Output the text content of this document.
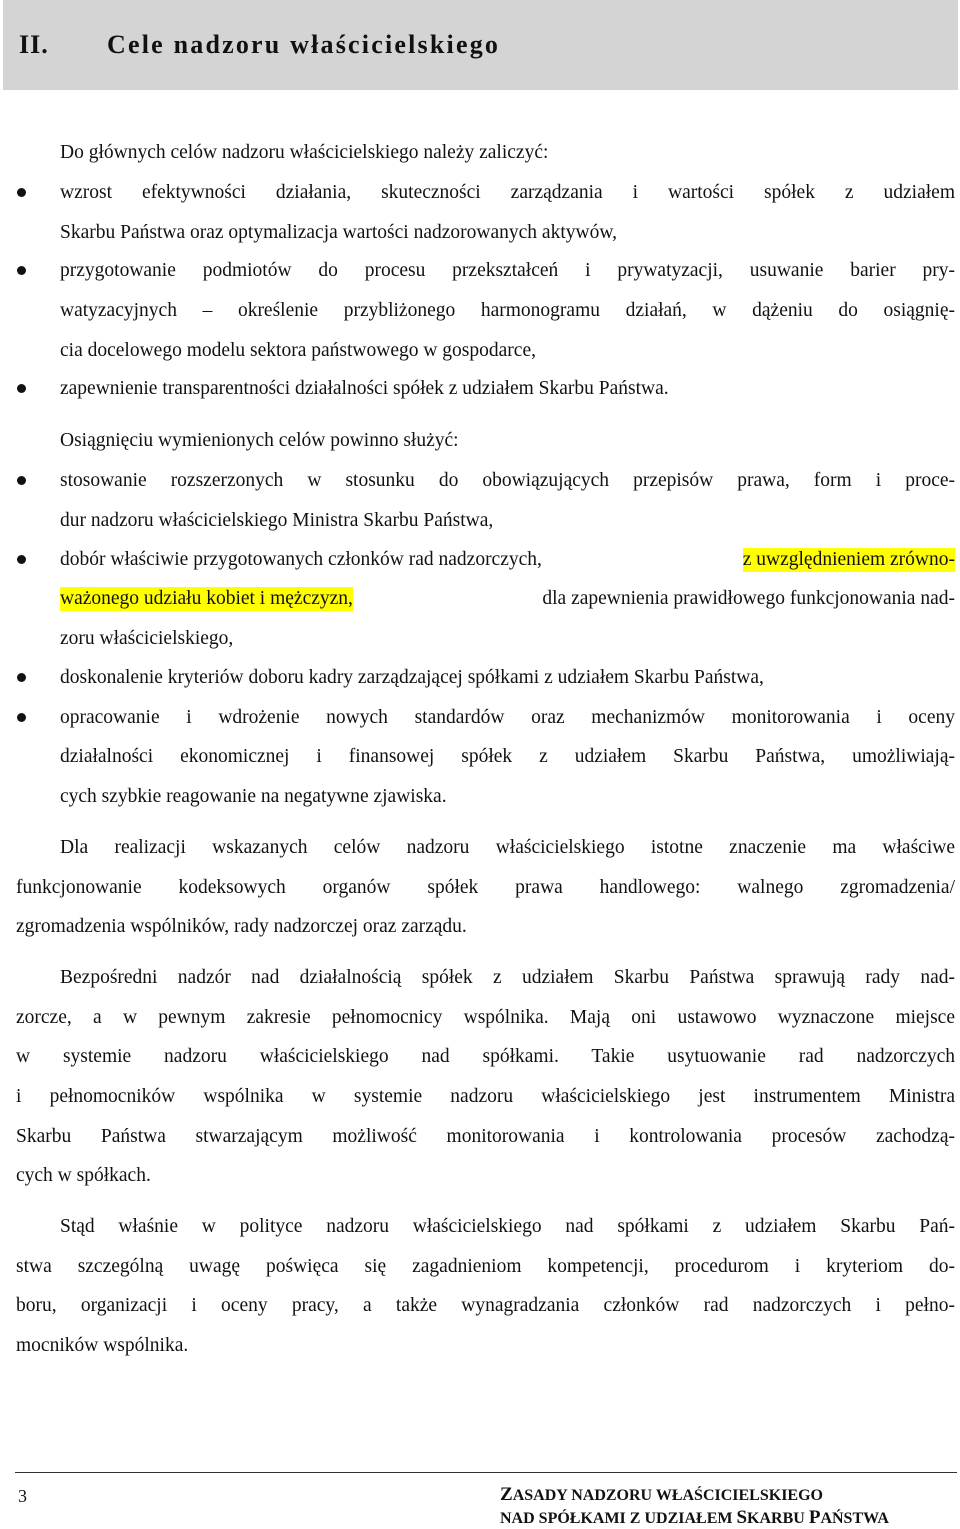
II. Cele nadzoru właścicielskiego
Do głównych celów nadzoru właścicielskiego należy zaliczyć:
wzrost efektywności działania, skuteczności zarządzania i wartości spółek z udziałem
Skarbu Państwa oraz optymalizacja wartości nadzorowanych aktywów,
przygotowanie podmiotów do procesu przekształceń i prywatyzacji, usuwanie barier pry-
watyzacyjnych – określenie przybliżonego harmonogramu działań, w dążeniu do osiągnię-
cia docelowego modelu sektora państwowego w gospodarce,
zapewnienie transparentności działalności spółek z udziałem Skarbu Państwa.
Osiągnięciu wymienionych celów powinno służyć:
stosowanie rozszerzonych w stosunku do obowiązujących przepisów prawa, form i proce-
dur nadzoru właścicielskiego Ministra Skarbu Państwa,
dobór właściwie przygotowanych członków rad nadzorczych,	z uwzględnieniem zrówno-
ważonego udziału kobiet i mężczyzn,	dla zapewnienia prawidłowego funkcjonowania nad-
zoru właścicielskiego,
doskonalenie kryteriów doboru kadry zarządzającej spółkami z udziałem Skarbu Państwa,
opracowanie i wdrożenie nowych standardów oraz mechanizmów monitorowania i oceny
działalności ekonomicznej i finansowej spółek z udziałem Skarbu Państwa, umożliwiają-
cych szybkie reagowanie na negatywne zjawiska.
Dla realizacji wskazanych celów nadzoru właścicielskiego istotne znaczenie ma właściwe
funkcjonowanie kodeksowych organów spółek prawa handlowego: walnego zgromadzenia/
zgromadzenia wspólników, rady nadzorczej oraz zarządu.
Bezpośredni nadzór nad działalnością spółek z udziałem Skarbu Państwa sprawują rady nad-
zorcze, a w pewnym zakresie pełnomocnicy wspólnika. Mają oni ustawowo wyznaczone miejsce
w systemie nadzoru właścicielskiego nad spółkami. Takie usytuowanie rad nadzorczych
i pełnomocników wspólnika w systemie nadzoru właścicielskiego jest instrumentem Ministra
Skarbu Państwa stwarzającym możliwość monitorowania i kontrolowania procesów zachodzą-
cych w spółkach.
Stąd właśnie w polityce nadzoru właścicielskiego nad spółkami z udziałem Skarbu Pań-
stwa szczególną uwagę poświęca się zagadnieniom kompetencji, procedurom i kryteriom do-
boru, organizacji i oceny pracy, a także wynagradzania członków rad nadzorczych i pełno-
mocników wspólnika.
3	ZASADY NADZORU WŁAŚCICIELSKIEGO
NAD SPÓŁKAMI Z UDZIAŁEM SKARBU PAŃSTWA
